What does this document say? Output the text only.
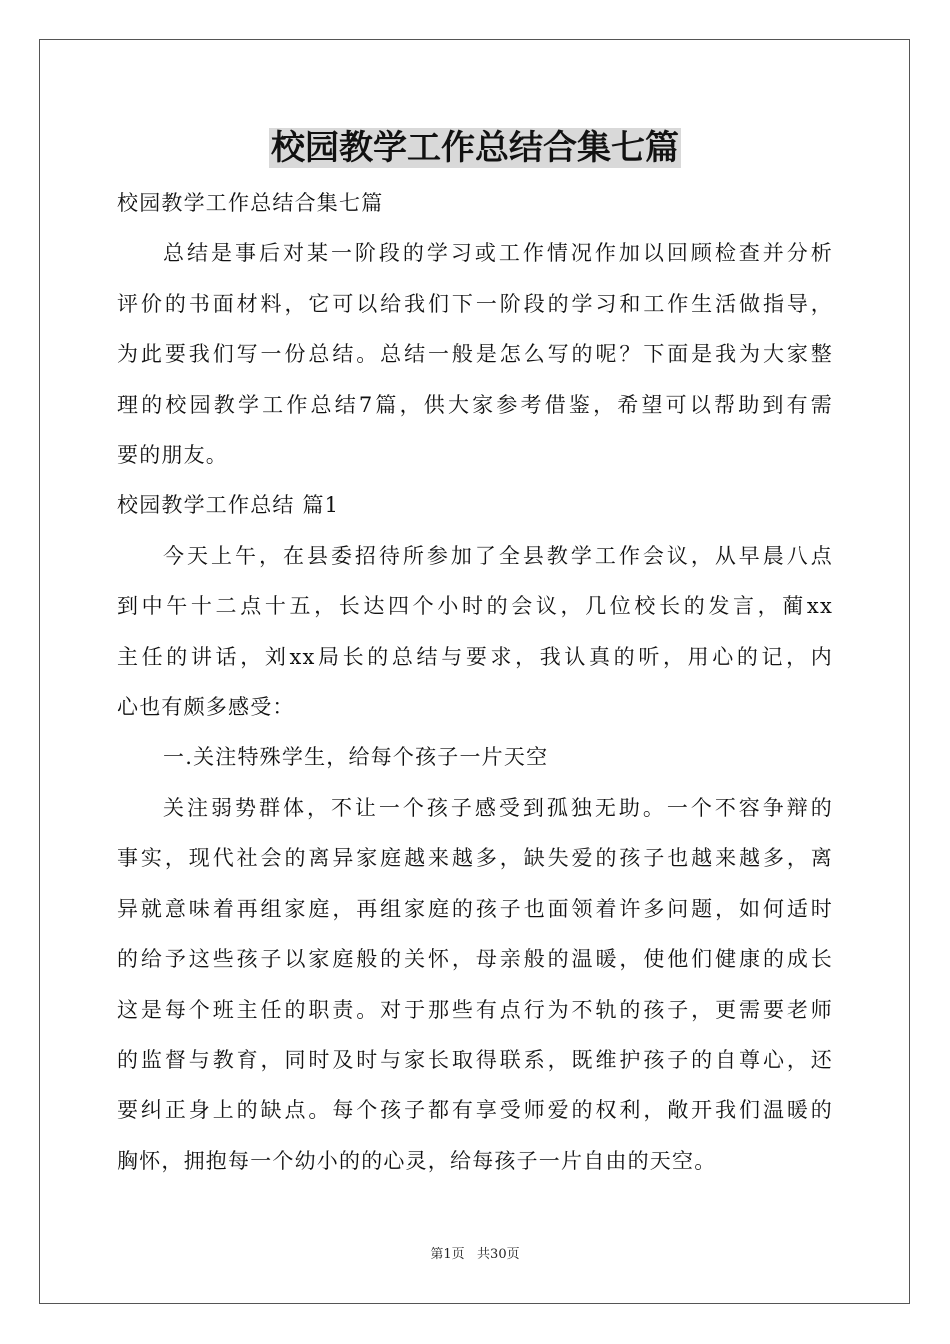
校园教学工作总结合集七篇

校园教学工作总结合集七篇

总结是事后对某一阶段的学习或工作情况作加以回顾检查并分析

评价的书面材料，它可以给我们下一阶段的学习和工作生活做指导，

为此要我们写一份总结。总结一般是怎么写的呢？下面是我为大家整

理的校园教学工作总结7篇，供大家参考借鉴，希望可以帮助到有需

要的朋友。

校园教学工作总结 篇1

今天上午，在县委招待所参加了全县教学工作会议，从早晨八点

到中午十二点十五，长达四个小时的会议，几位校长的发言，蔺xx

主任的讲话，刘xx局长的总结与要求，我认真的听，用心的记，内

心也有颇多感受：

一.关注特殊学生，给每个孩子一片天空

关注弱势群体，不让一个孩子感受到孤独无助。一个不容争辩的

事实，现代社会的离异家庭越来越多，缺失爱的孩子也越来越多，离

异就意味着再组家庭，再组家庭的孩子也面领着许多问题，如何适时

的给予这些孩子以家庭般的关怀，母亲般的温暖，使他们健康的成长

这是每个班主任的职责。对于那些有点行为不轨的孩子，更需要老师

的监督与教育，同时及时与家长取得联系，既维护孩子的自尊心，还

要纠正身上的缺点。每个孩子都有享受师爱的权利，敞开我们温暖的

胸怀，拥抱每一个幼小的的心灵，给每孩子一片自由的天空。

第1页   共30页
